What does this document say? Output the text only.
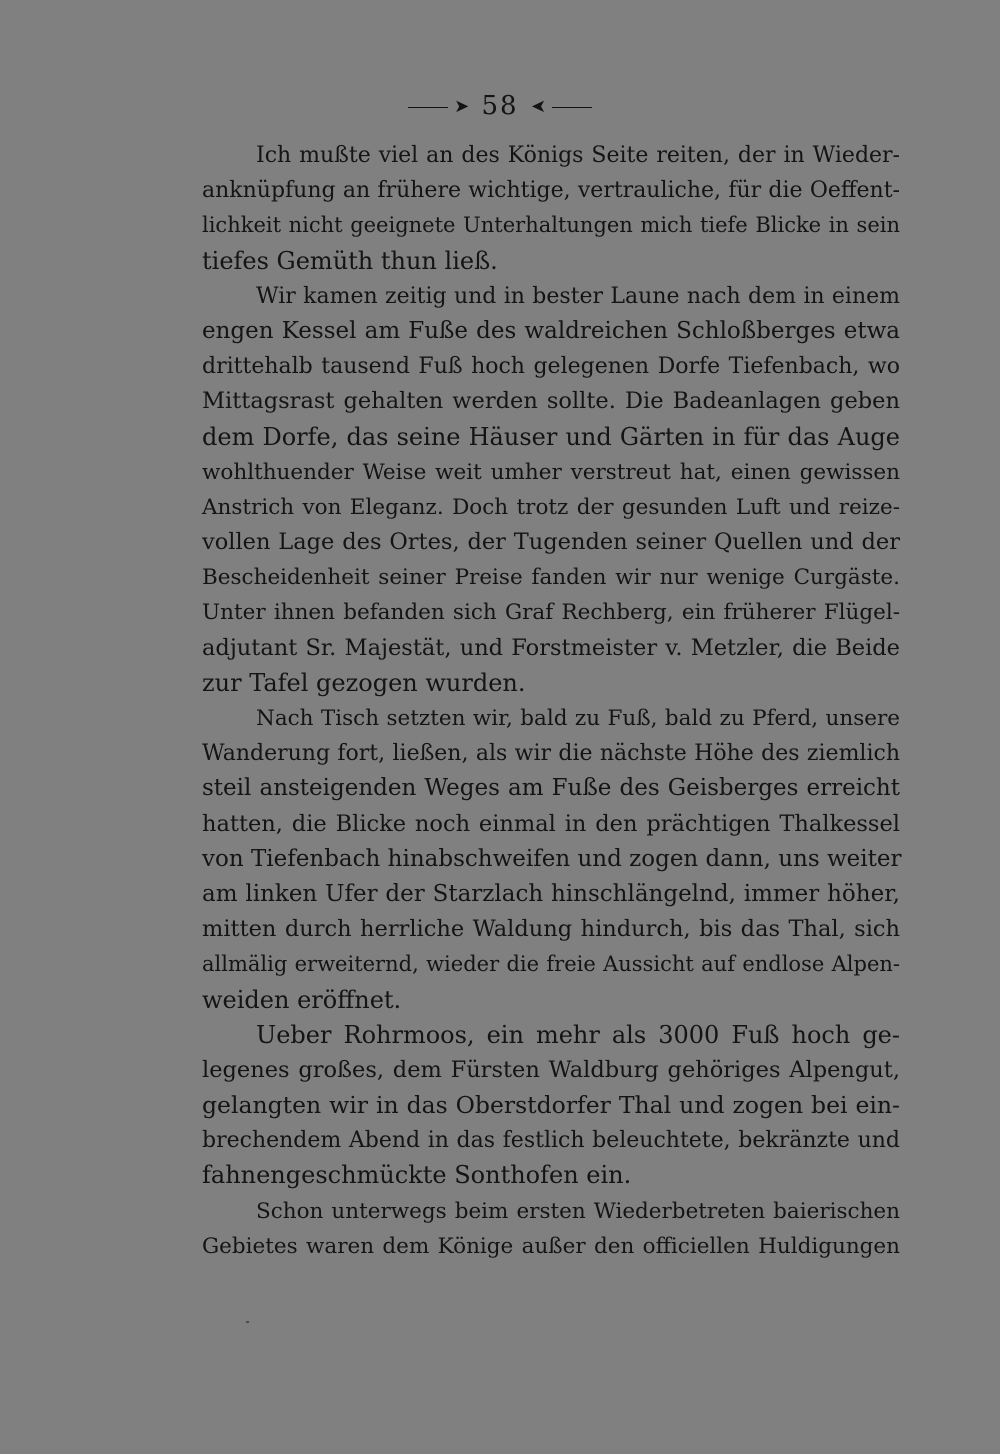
➤ 58 ➤
Ich mußte viel an des Königs Seite reiten, der in Wieder-
anknüpfung an frühere wichtige, vertrauliche, für die Oeffent-
lichkeit nicht geeignete Unterhaltungen mich tiefe Blicke in sein
tiefes Gemüth thun ließ.
Wir kamen zeitig und in bester Laune nach dem in einem
engen Kessel am Fuße des waldreichen Schloßberges etwa
drittehalb tausend Fuß hoch gelegenen Dorfe Tiefenbach, wo
Mittagsrast gehalten werden sollte. Die Badeanlagen geben
dem Dorfe, das seine Häuser und Gärten in für das Auge
wohlthuender Weise weit umher verstreut hat, einen gewissen
Anstrich von Eleganz. Doch trotz der gesunden Luft und reize-
vollen Lage des Ortes, der Tugenden seiner Quellen und der
Bescheidenheit seiner Preise fanden wir nur wenige Curgäste.
Unter ihnen befanden sich Graf Rechberg, ein früherer Flügel-
adjutant Sr. Majestät, und Forstmeister v. Metzler, die Beide
zur Tafel gezogen wurden.
Nach Tisch setzten wir, bald zu Fuß, bald zu Pferd, unsere
Wanderung fort, ließen, als wir die nächste Höhe des ziemlich
steil ansteigenden Weges am Fuße des Geisberges erreicht
hatten, die Blicke noch einmal in den prächtigen Thalkessel
von Tiefenbach hinabschweifen und zogen dann, uns weiter
am linken Ufer der Starzlach hinschlängelnd, immer höher,
mitten durch herrliche Waldung hindurch, bis das Thal, sich
allmälig erweiternd, wieder die freie Aussicht auf endlose Alpen-
weiden eröffnet.
Ueber Rohrmoos, ein mehr als 3000 Fuß hoch ge-
legenes großes, dem Fürsten Waldburg gehöriges Alpengut,
gelangten wir in das Oberstdorfer Thal und zogen bei ein-
brechendem Abend in das festlich beleuchtete, bekränzte und
fahnengeschmückte Sonthofen ein.
Schon unterwegs beim ersten Wiederbetreten baierischen
Gebietes waren dem Könige außer den officiellen Huldigungen
